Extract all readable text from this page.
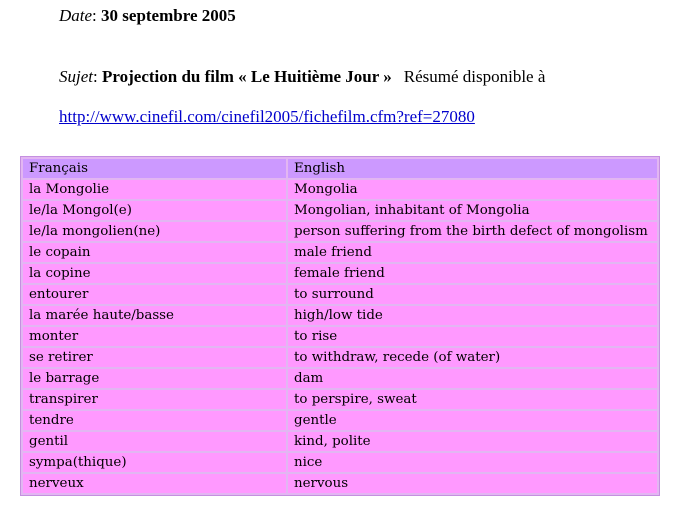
Date: 30 septembre 2005
Sujet: Projection du film « Le Huitième Jour » Résumé disponible à
http://www.cinefil.com/cinefil2005/fichefilm.cfm?ref=27080
Français	English
la Mongolie	Mongolia
le/la Mongol(e)	Mongolian, inhabitant of Mongolia
le/la mongolien(ne)	person suffering from the birth defect of mongolism
le copain	male friend
la copine	female friend
entourer	to surround
la marée haute/basse	high/low tide
monter	to rise
se retirer	to withdraw, recede (of water)
le barrage	dam
transpirer	to perspire, sweat
tendre	gentle
gentil	kind, polite
sympa(thique)	nice
nerveux	nervous
